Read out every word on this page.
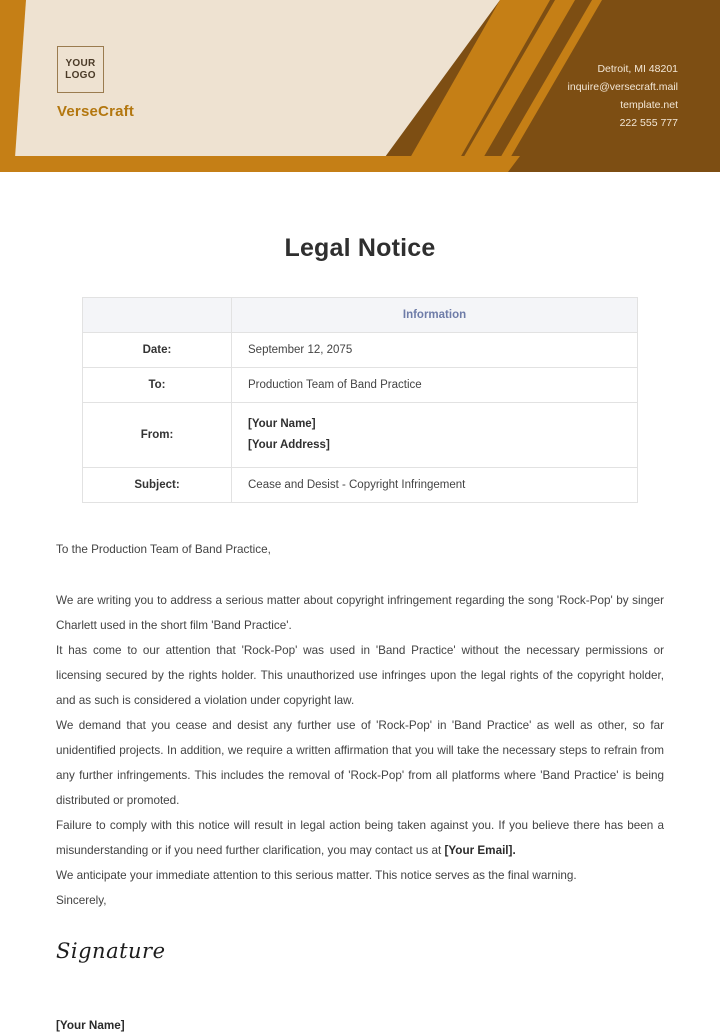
YOUR
LOGO
VerseCraft
Detroit, MI 48201
inquire@versecraft.mail
template.net
222 555 777
Legal Notice
	Information
Date:	September 12, 2075
To:	Production Team of Band Practice
From:	[Your Name]
[Your Address]

Subject:	Cease and Desist - Copyright Infringement

To the Production Team of Band Practice,

We are writing you to address a serious matter about copyright infringement regarding the song 'Rock-Pop' by singer Charlett used in the short film 'Band Practice'.

It has come to our attention that 'Rock-Pop' was used in 'Band Practice' without the necessary permissions or licensing secured by the rights holder. This unauthorized use infringes upon the legal rights of the copyright holder, and as such is considered a violation under copyright law.

We demand that you cease and desist any further use of 'Rock-Pop' in 'Band Practice' as well as other, so far unidentified projects. In addition, we require a written affirmation that you will take the necessary steps to refrain from any further infringements. This includes the removal of 'Rock-Pop' from all platforms where 'Band Practice' is being distributed or promoted.

Failure to comply with this notice will result in legal action being taken against you. If you believe there has been a misunderstanding or if you need further clarification, you may contact us at [Your Email].

We anticipate your immediate attention to this serious matter. This notice serves as the final warning.

Sincerely,

Signature
[Your Name]
